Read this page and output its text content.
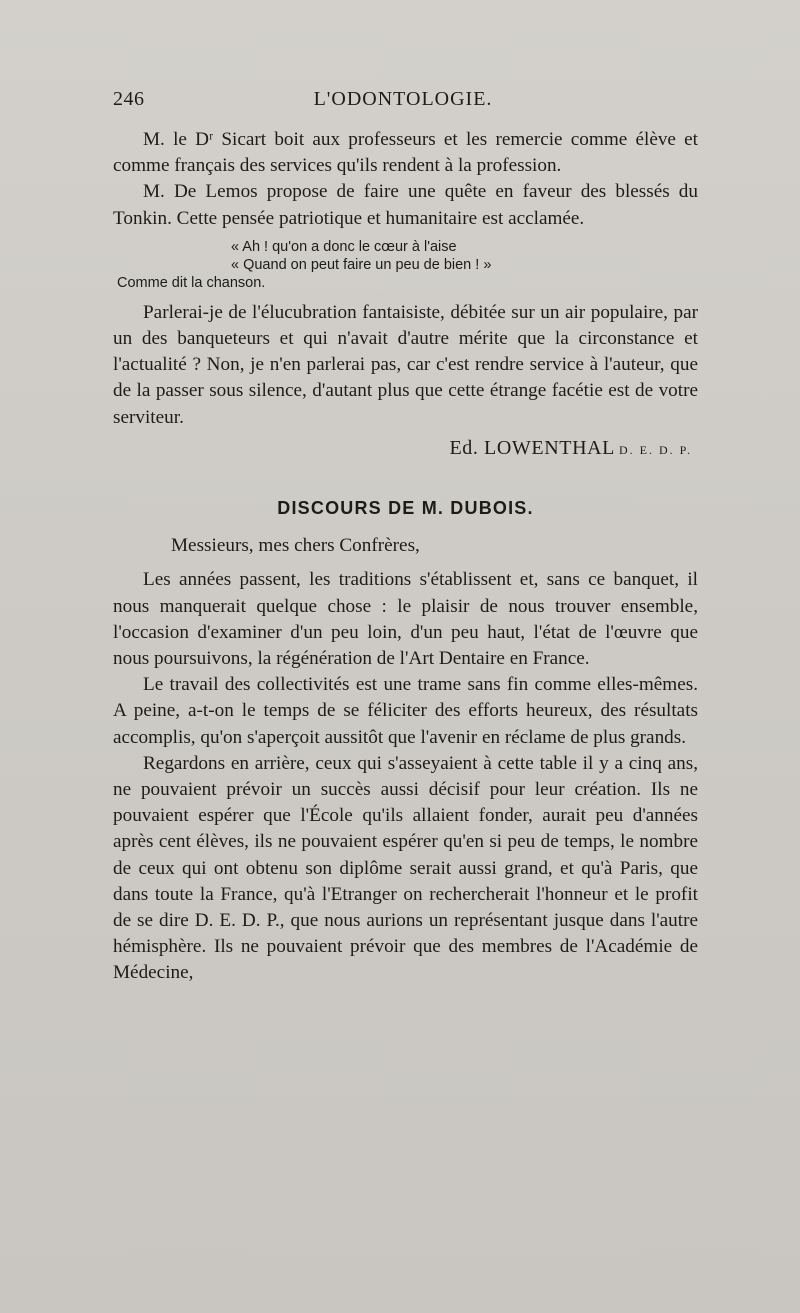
246	L'ODONTOLOGIE.

M. le Dʳ Sicart boit aux professeurs et les remercie comme élève et comme français des services qu'ils rendent à la profession.

M. De Lemos propose de faire une quête en faveur des blessés du Tonkin. Cette pensée patriotique et humanitaire est acclamée.

« Ah ! qu'on a donc le cœur à l'aise
« Quand on peut faire un peu de bien ! »
Comme dit la chanson.

Parlerai-je de l'élucubration fantaisiste, débitée sur un air populaire, par un des banqueteurs et qui n'avait d'autre mérite que la circonstance et l'actualité ? Non, je n'en parlerai pas, car c'est rendre service à l'auteur, que de la passer sous silence, d'autant plus que cette étrange facétie est de votre serviteur.

Ed. LOWENTHAL D. E. D. P.
DISCOURS DE M. DUBOIS.
Messieurs, mes chers Confrères,

Les années passent, les traditions s'établissent et, sans ce banquet, il nous manquerait quelque chose : le plaisir de nous trouver ensemble, l'occasion d'examiner d'un peu loin, d'un peu haut, l'état de l'œuvre que nous poursuivons, la régénération de l'Art Dentaire en France.

Le travail des collectivités est une trame sans fin comme elles-mêmes. A peine, a-t-on le temps de se féliciter des efforts heureux, des résultats accomplis, qu'on s'aperçoit aussitôt que l'avenir en réclame de plus grands.

Regardons en arrière, ceux qui s'asseyaient à cette table il y a cinq ans, ne pouvaient prévoir un succès aussi décisif pour leur création. Ils ne pouvaient espérer que l'École qu'ils allaient fonder, aurait peu d'années après cent élèves, ils ne pouvaient espérer qu'en si peu de temps, le nombre de ceux qui ont obtenu son diplôme serait aussi grand, et qu'à Paris, que dans toute la France, qu'à l'Etranger on rechercherait l'honneur et le profit de se dire D. E. D. P., que nous aurions un représentant jusque dans l'autre hémisphère. Ils ne pouvaient prévoir que des membres de l'Académie de Médecine,
